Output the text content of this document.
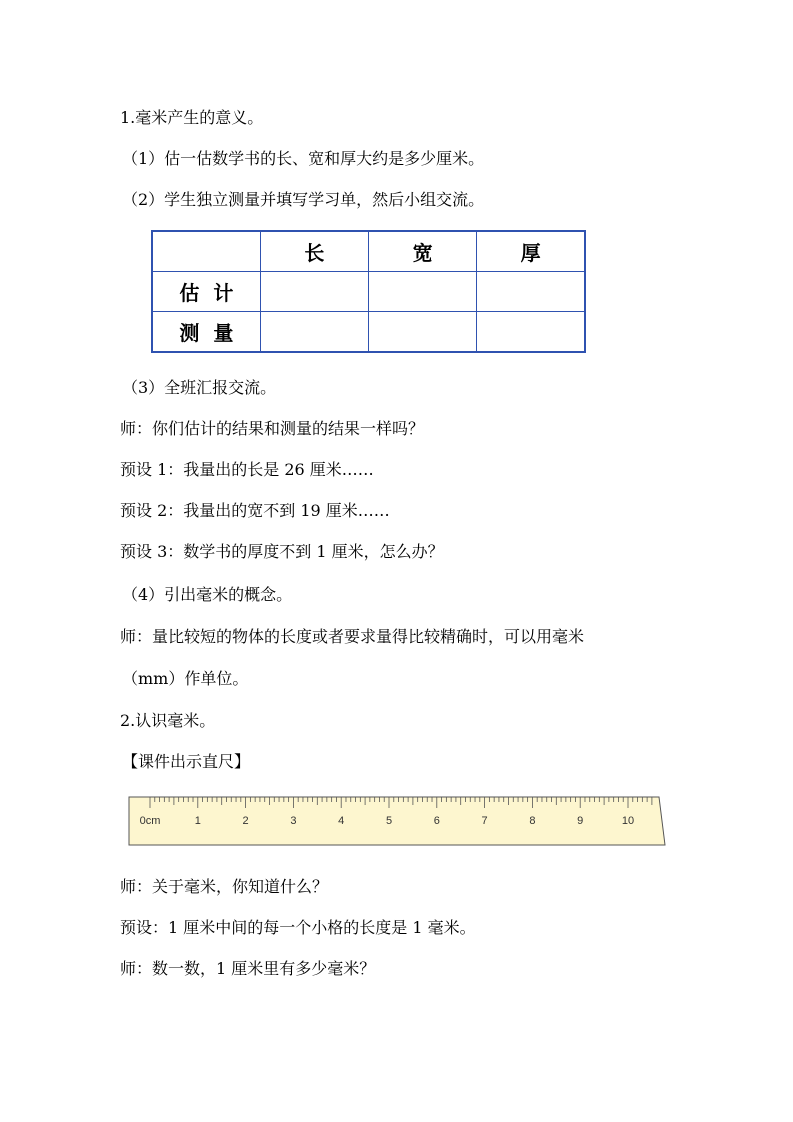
1.毫米产生的意义。
（1）估一估数学书的长、宽和厚大约是多少厘米。
（2）学生独立测量并填写学习单，然后小组交流。
	长	宽	厚
估计			
测量			
（3）全班汇报交流。
师：你们估计的结果和测量的结果一样吗？
预设 1：我量出的长是 26 厘米……
预设 2：我量出的宽不到 19 厘米……
预设 3：数学书的厚度不到 1 厘米，怎么办？
（4）引出毫米的概念。
师：量比较短的物体的长度或者要求量得比较精确时，可以用毫米
（mm）作单位。
2.认识毫米。
【课件出示直尺】
0cm	1	2	3	4	5	6	7	8	9	10
师：关于毫米，你知道什么？
预设：1 厘米中间的每一个小格的长度是 1 毫米。
师：数一数，1 厘米里有多少毫米？
